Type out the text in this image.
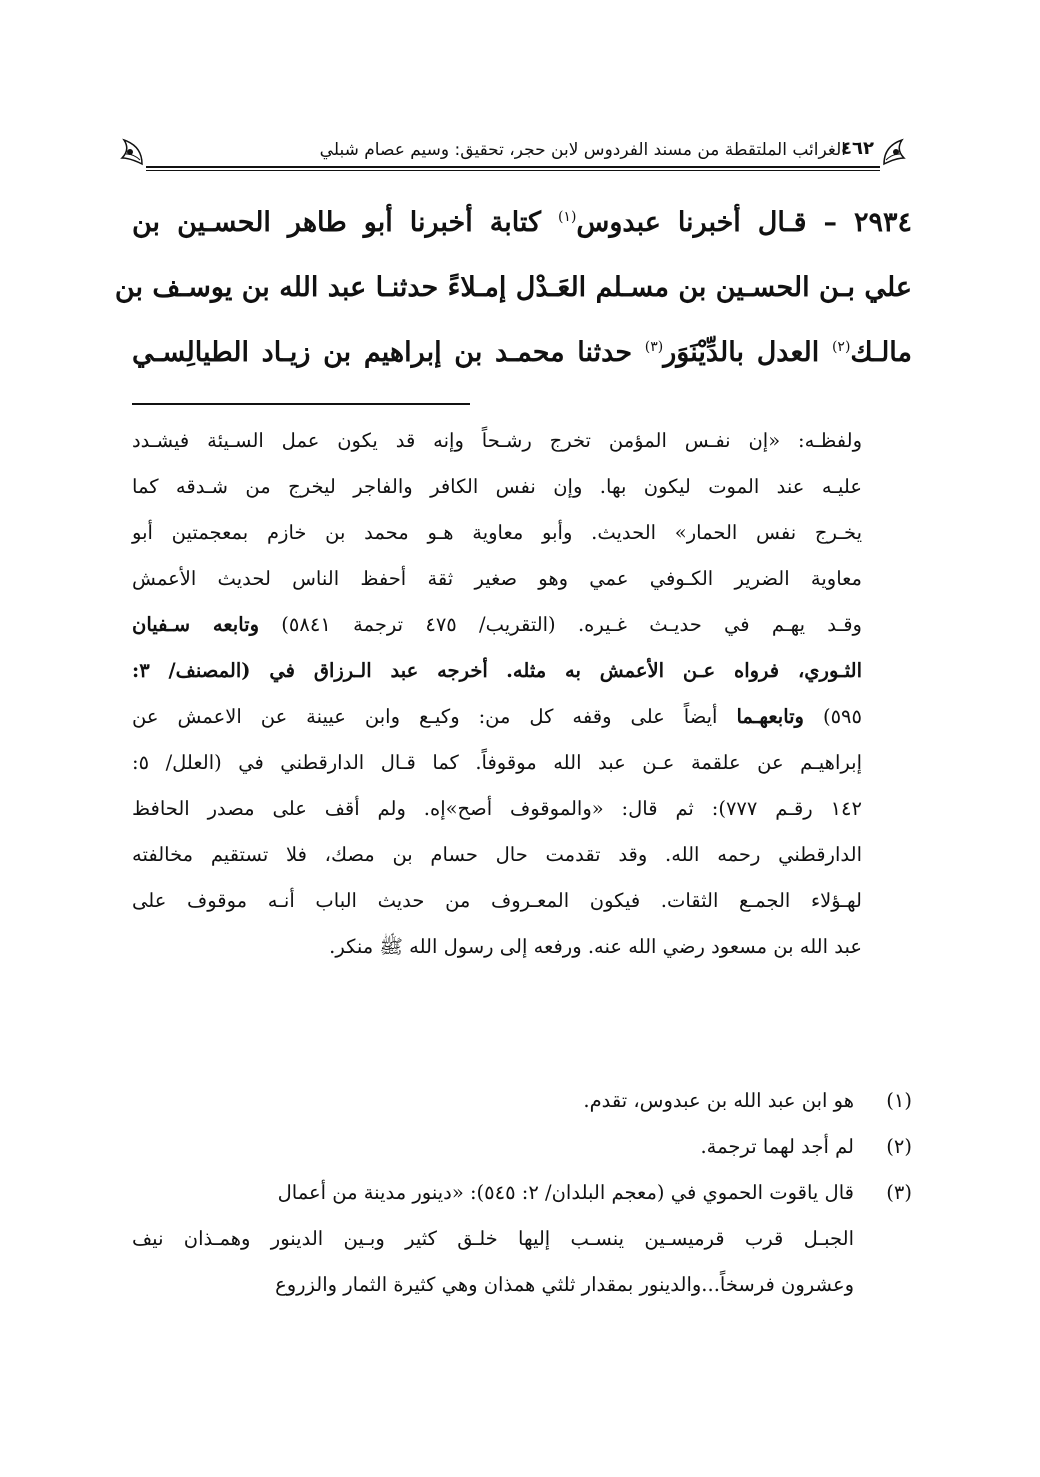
٤٦٢
الغرائب الملتقطة من مسند الفردوس لابن حجر، تحقيق: وسيم عصام شبلي
٢٩٣٤ – قـال أخبرنا عبدوس$^{(١)}$ كتابة أخبرنا أبو طاهر الحسـين بن
علي بـن الحسـين بن مسـلم العَـدْل إمـلاءً حدثنـا عبد الله بن يوسـف بن
مالـك$^{(٢)}$ العدل بالدِّيْنَوَر$^{(٣)}$ حدثنا محمـد بن إبراهيم بن زيـاد الطيالِسـي
ولفظـه: «إن نفـس المؤمن تخرج رشـحاً وإنه قد يكون عمل السـيئة فيشـدد
عليـه عند الموت ليكون بها. وإن نفس الكافر والفاجر ليخرج من شـدقه كما
يخـرج نفس الحمار» الحديث. وأبو معاوية هـو محمد بن خازم بمعجمتين أبو
معاوية الضرير الكـوفي عمي وهو صغير ثقة أحفظ الناس لحديث الأعمش
وقـد يهـم في حديـث غـيره. (التقريب/ ٤٧٥ ترجمة ٥٨٤١) وتابعه سـفيان
الثـوري، فرواه عـن الأعمش به مثله. أخرجه عبد الـرزاق في (المصنف/ ٣:
٥٩٥) وتابعهـما أيضاً على وقفه كل من: وكيـع وابن عيينة عن الاعمش عن
إبراهيـم عن علقمة عـن عبد الله موقوفاً. كما قـال الدارقطني في (العلل/ ٥:
١٤٢ رقـم ٧٧٧): ثم قال: «والموقوف أصح»إه. ولم أقف على مصدر الحافظ
الدارقطني رحمه الله. وقد تقدمت حال حسام بن مصك، فلا تستقيم مخالفته
لهـؤلاء الجمـع الثقات. فيكون المعـروف من حديث الباب أنـه موقوف على
عبد الله بن مسعود رضي الله عنه. ورفعه إلى رسول الله ﷺ منكر.
(١)هو ابن عبد الله بن عبدوس، تقدم.
(٢)لم أجد لهما ترجمة.
(٣)قال ياقوت الحموي في (معجم البلدان/ ٢: ٥٤٥): «دينور مدينة من أعمال
الجبـل قرب قرميسـين ينسـب إليها خلـق كثير وبـين الدينور وهمـذان نيف
وعشرون فرسخاً...والدينور بمقدار ثلثي همذان وهي كثيرة الثمار والزروع
